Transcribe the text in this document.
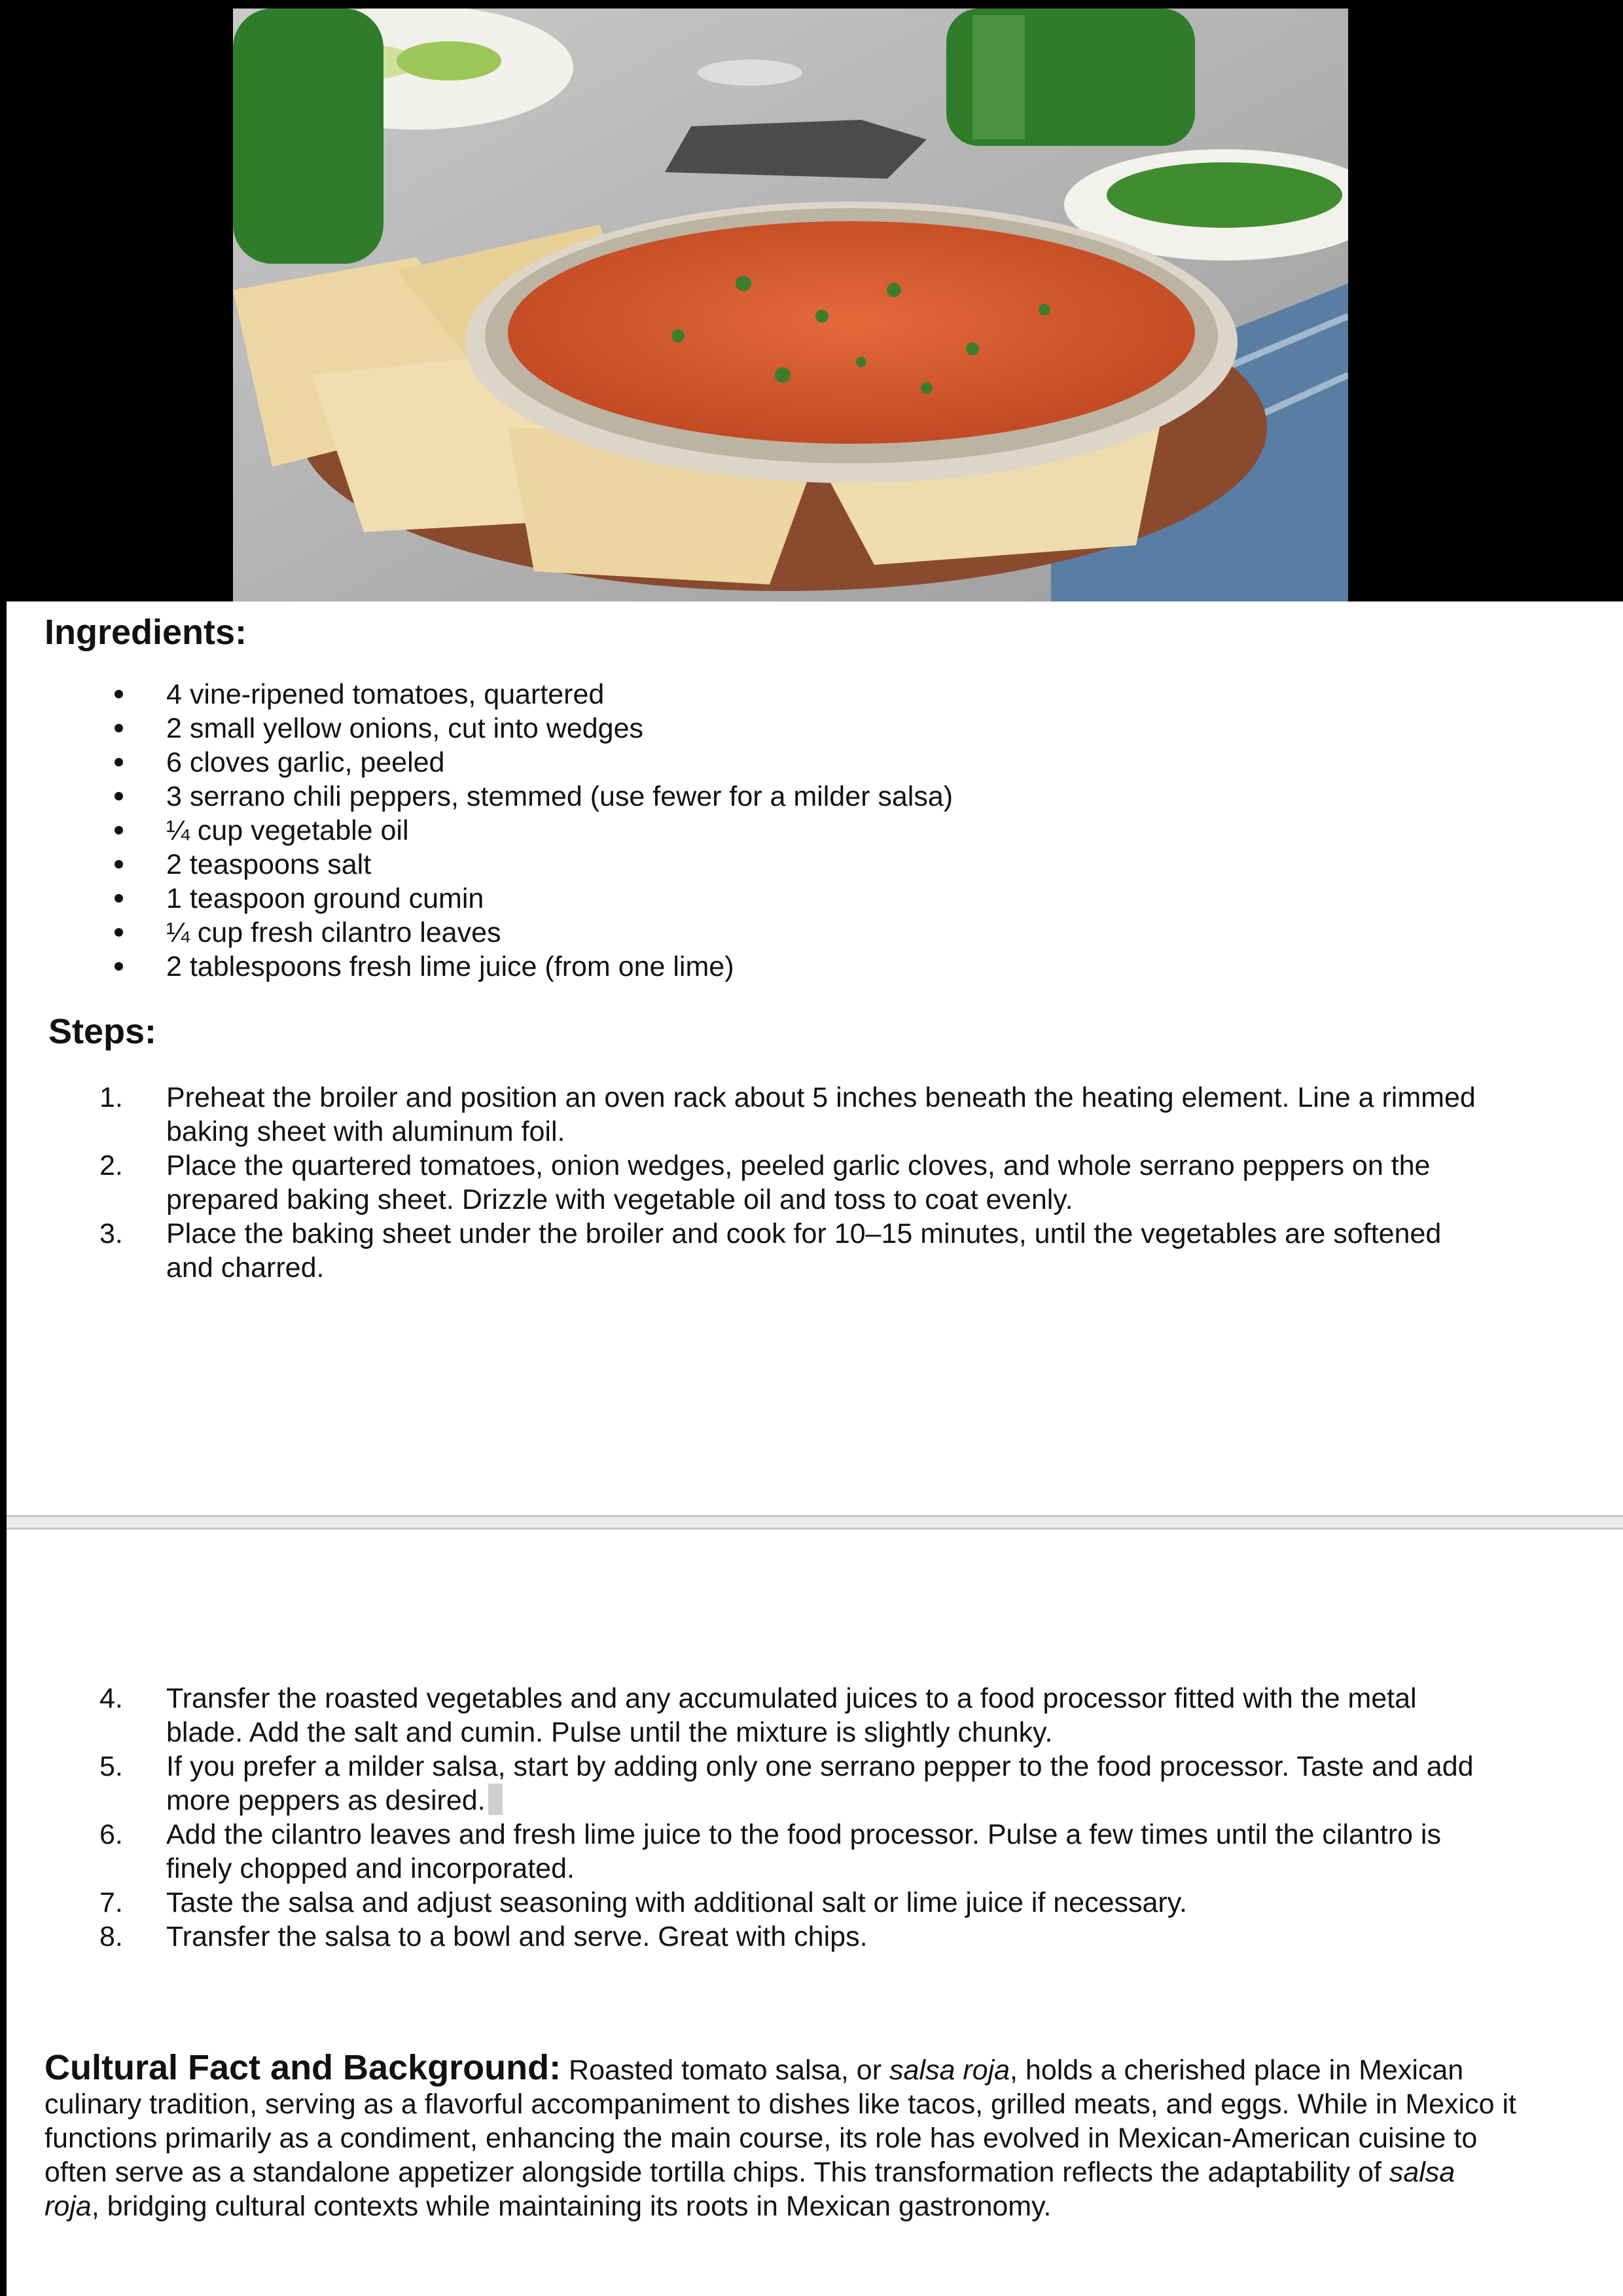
Ingredients:
4 vine-ripened tomatoes, quartered
2 small yellow onions, cut into wedges
6 cloves garlic, peeled
3 serrano chili peppers, stemmed (use fewer for a milder salsa)
¼ cup vegetable oil
2 teaspoons salt
1 teaspoon ground cumin
¼ cup fresh cilantro leaves
2 tablespoons fresh lime juice (from one lime)
Steps:
1. Preheat the broiler and position an oven rack about 5 inches beneath the heating element. Line a rimmed baking sheet with aluminum foil.
2. Place the quartered tomatoes, onion wedges, peeled garlic cloves, and whole serrano peppers on the prepared baking sheet. Drizzle with vegetable oil and toss to coat evenly.
3. Place the baking sheet under the broiler and cook for 10–15 minutes, until the vegetables are softened and charred.
4. Transfer the roasted vegetables and any accumulated juices to a food processor fitted with the metal blade. Add the salt and cumin. Pulse until the mixture is slightly chunky.
5. If you prefer a milder salsa, start by adding only one serrano pepper to the food processor. Taste and add more peppers as desired.
6. Add the cilantro leaves and fresh lime juice to the food processor. Pulse a few times until the cilantro is finely chopped and incorporated.
7. Taste the salsa and adjust seasoning with additional salt or lime juice if necessary.
8. Transfer the salsa to a bowl and serve. Great with chips.

Cultural Fact and Background: Roasted tomato salsa, or salsa roja, holds a cherished place in Mexican culinary tradition, serving as a flavorful accompaniment to dishes like tacos, grilled meats, and eggs. While in Mexico it functions primarily as a condiment, enhancing the main course, its role has evolved in Mexican-American cuisine to often serve as a standalone appetizer alongside tortilla chips. This transformation reflects the adaptability of salsa roja, bridging cultural contexts while maintaining its roots in Mexican gastronomy.
